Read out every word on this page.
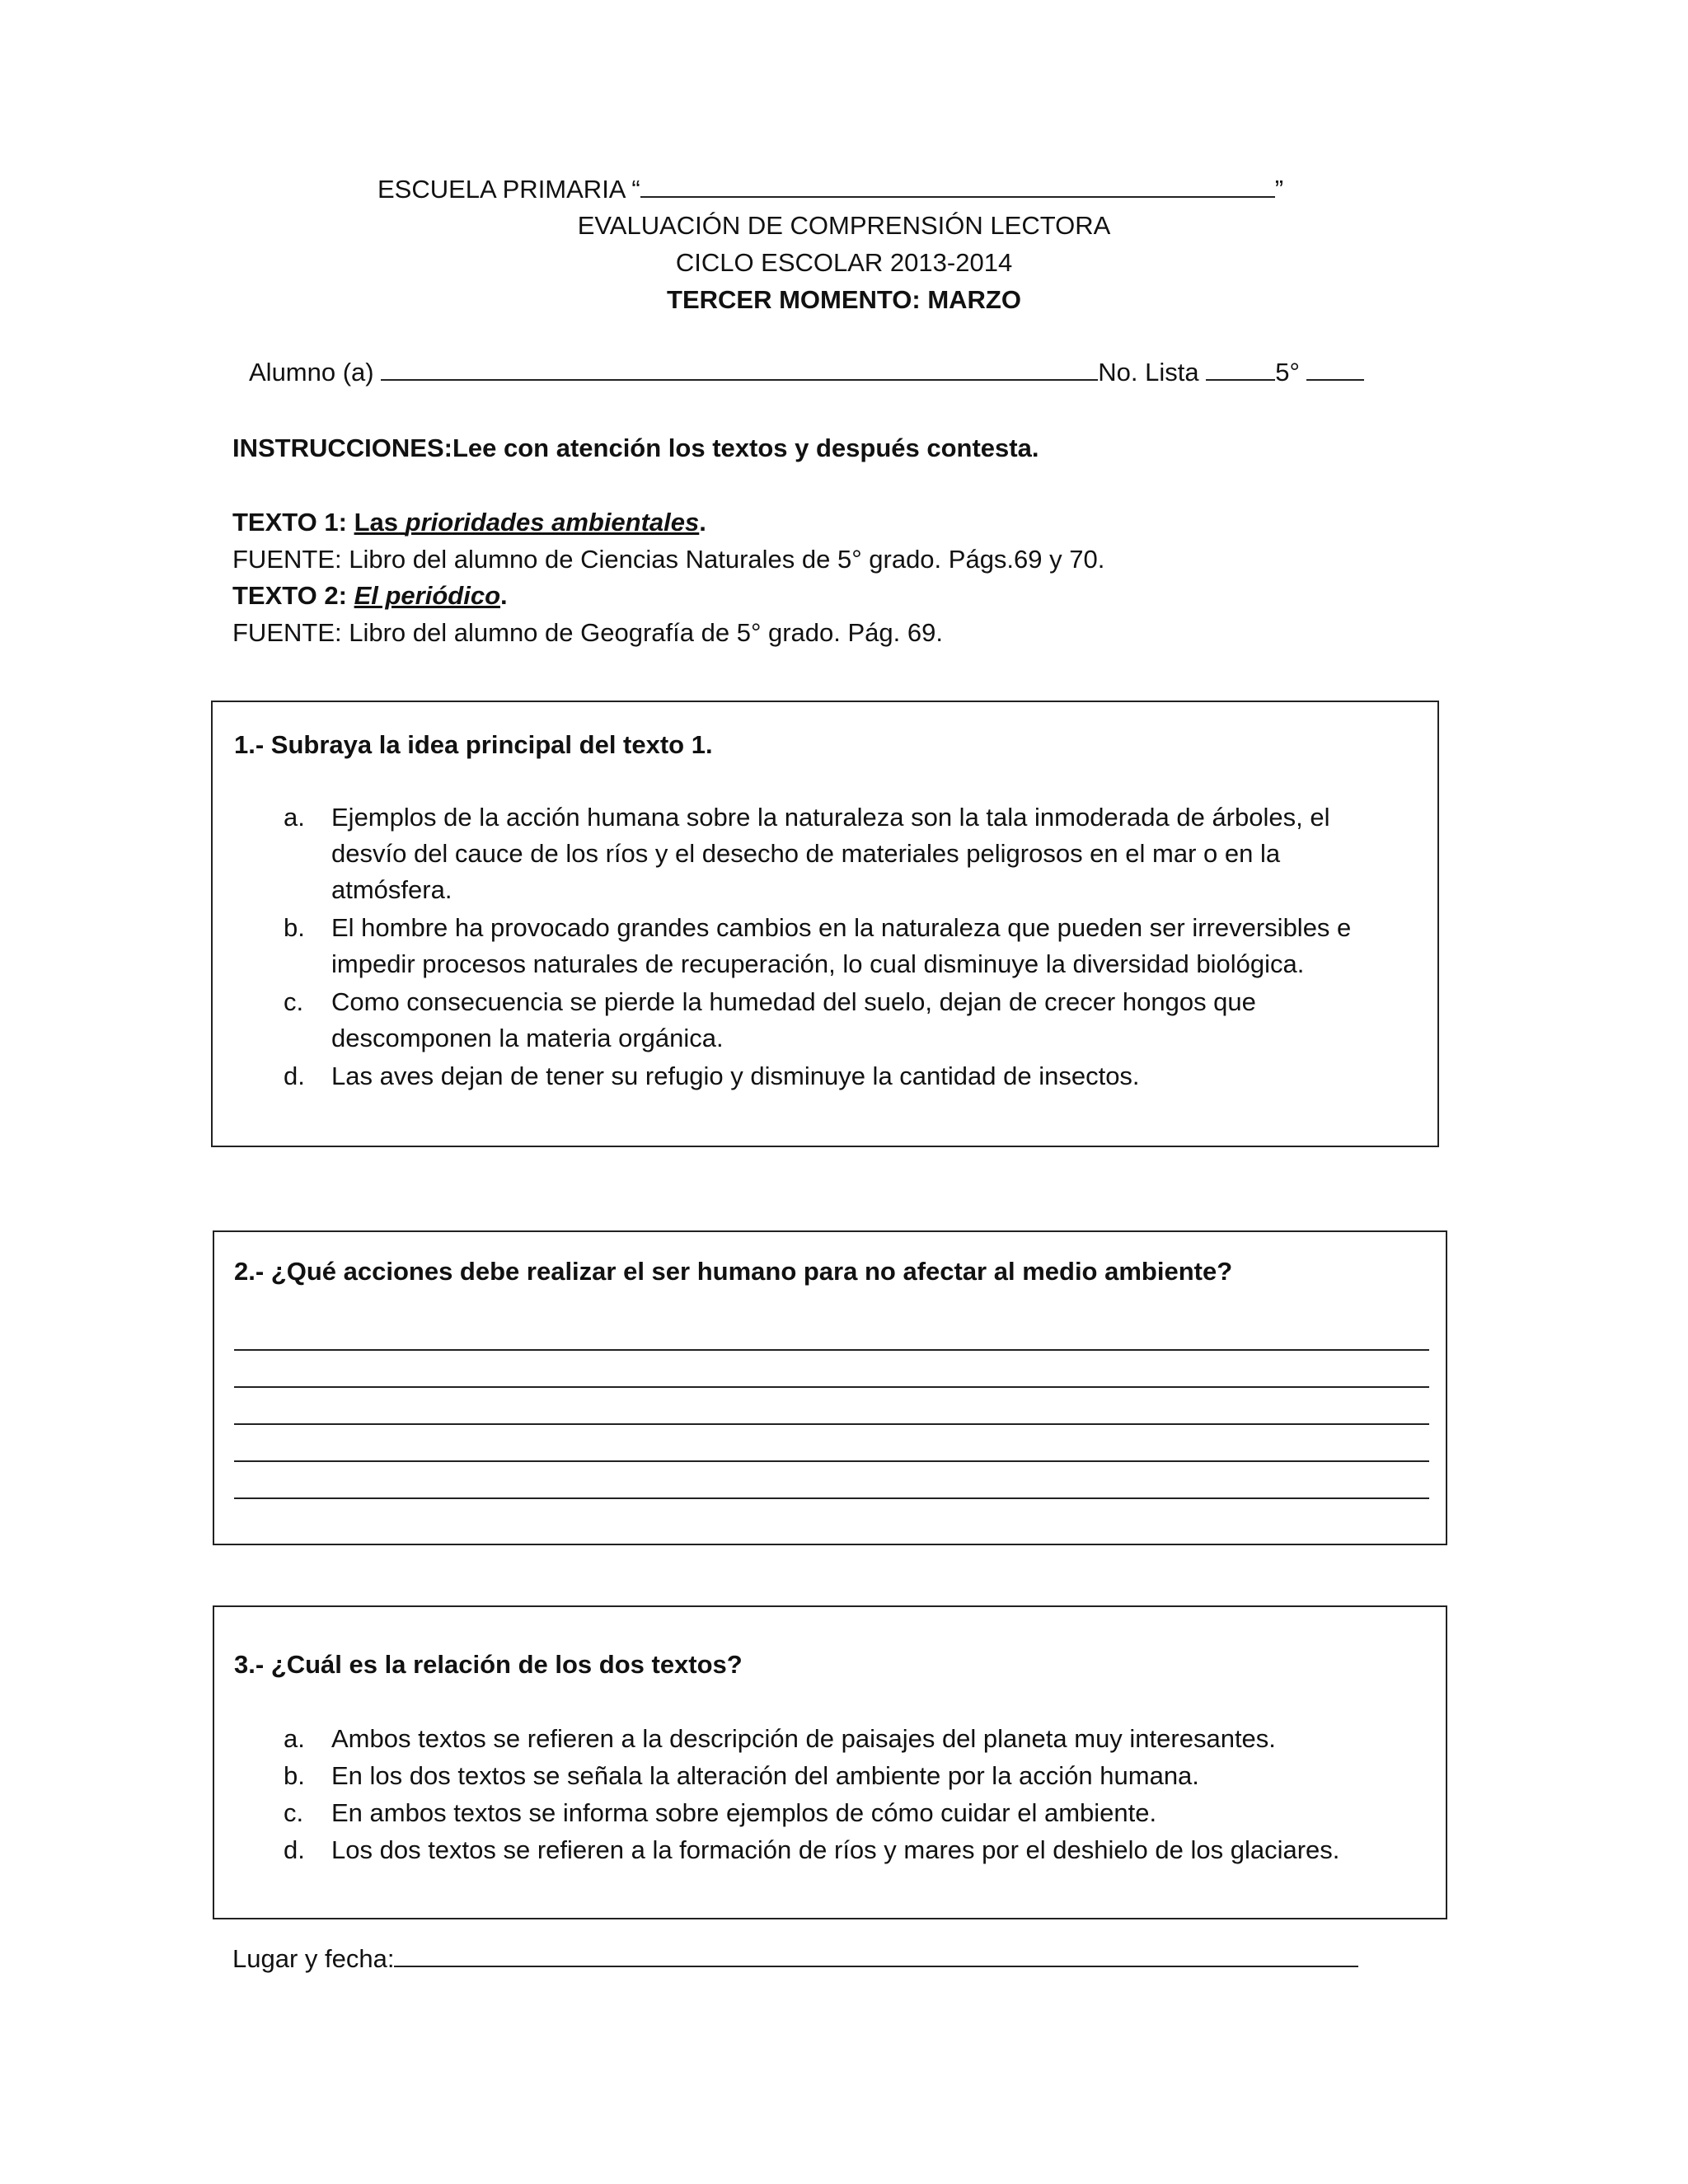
ESCUELA PRIMARIA “	”
EVALUACIÓN DE COMPRENSIÓN LECTORA
CICLO ESCOLAR 2013-2014
TERCER MOMENTO: MARZO
Alumno (a)	No. Lista	5°
INSTRUCCIONES:Lee con atención los textos y después contesta.
TEXTO 1: Las prioridades ambientales.
FUENTE: Libro del alumno de Ciencias Naturales de 5° grado. Págs.69 y 70.
TEXTO 2: El periódico.
FUENTE: Libro del alumno de Geografía de 5° grado. Pág. 69.
1.- Subraya la idea principal del texto 1.
a. Ejemplos de la acción humana sobre la naturaleza son la tala inmoderada de árboles, el
desvío del cauce de los ríos y el desecho de materiales peligrosos en el mar o en la
atmósfera.
b. El hombre ha provocado grandes cambios en la naturaleza que pueden ser irreversibles e
impedir procesos naturales de recuperación, lo cual disminuye la diversidad biológica.
c. Como consecuencia se pierde la humedad del suelo, dejan de crecer hongos que
descomponen la materia orgánica.
d. Las aves dejan de tener su refugio y disminuye la cantidad de insectos.
2.- ¿Qué acciones debe realizar el ser humano para no afectar al medio ambiente?
3.- ¿Cuál es la relación de los dos textos?
a. Ambos textos se refieren a la descripción de paisajes del planeta muy interesantes.
b. En los dos textos se señala la alteración del ambiente por la acción humana.
c. En ambos textos se informa sobre ejemplos de cómo cuidar el ambiente.
d. Los dos textos se refieren a la formación de ríos y mares por el deshielo de los glaciares.
Lugar y fecha:
